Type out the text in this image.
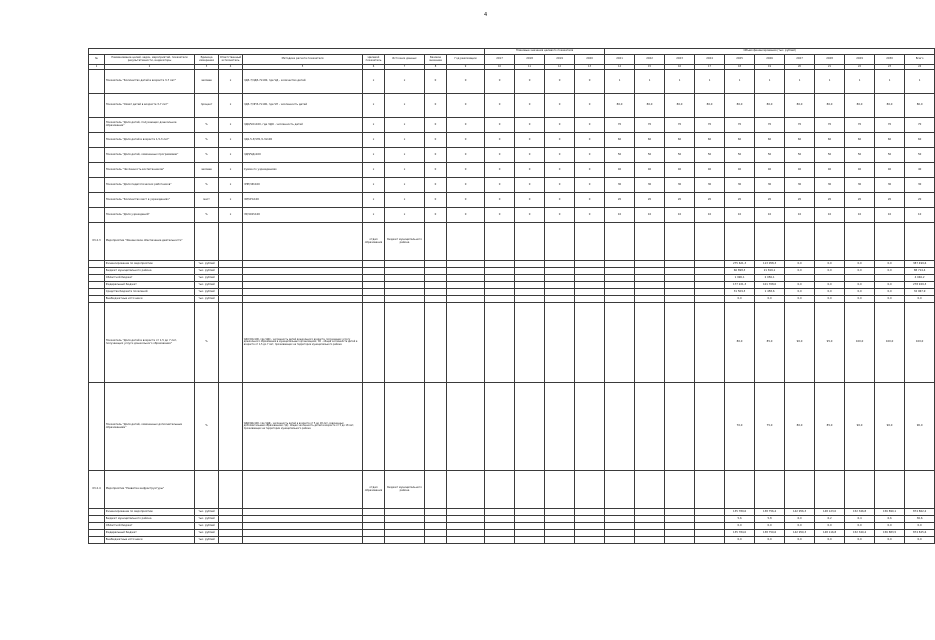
4
									Плановые значения целевого показателя				Объем финансирования (тыс. рублей)										
№	Наименование целей, задач, мероприятий, показатели результативности, индикаторы	Единица измерения	Ответственный исполнитель	Методика расчета показателя	Целевой показатель	Источник данных	Базовое значение	Год реализации	2017	2018	2019	2020	2021	2022	2023	2024	2025	2026	2027	2028	2029	2030	Всего
1	2	3	4	5	6	7	8	9	10	11	12	13	14	15	16	17	18	19	20	21	22	23	24
	Показатель "Количество детей в возрасте 3-7 лет"	человек	х	ЧД3-7/ЧД3-7х100, где ЧД - количество детей	х	х	0	0	0	0	0	0	1	1	1	1	1	1	1	1	1	1	1
	Показатель "Охват детей в возрасте 3-7 лет"	процент	х	ЧД3-7/ЧН3-7х100, где ЧН - численность детей	х	х	0	0	0	0	0	0	80,0	80,0	80,0	80,0	80,0	80,0	80,0	80,0	80,0	80,0	80,0
	Показатель "Доля детей, получающих дошкольное образование"	%	х	ЧДО/ЧОх100, где ЧДО - численность детей	х	х	0	0	0	0	0	0	70	70	70	70	70	70	70	70	70	70	70
	Показатель "Доля детей в возрасте 1,5-3 лет"	%	х	ЧД1,5-3/ЧН1,5-3х100	х	х	0	0	0	0	0	0	60	60	60	60	60	60	60	60	60	60	60
	Показатель "Доля детей, охваченных программами"	%	х	ЧДП/ЧДх100	х	х	0	0	0	0	0	0	50	50	50	50	50	50	50	50	50	50	50
	Показатель "Численность воспитанников"	человек	х	Сумма по учреждениям	х	х	0	0	0	0	0	0	40	40	40	40	40	40	40	40	40	40	40
	Показатель "Доля педагогических работников"	%	х	ЧПР/ЧРх100	х	х	0	0	0	0	0	0	30	30	30	30	30	30	30	30	30	30	30
	Показатель "Количество мест в учреждениях"	мест	х	ЧМ/ЧПх100	х	х	0	0	0	0	0	0	20	20	20	20	20	20	20	20	20	20	20
	Показатель "Доля учреждений"	%	х	ЧУ/ЧОУх100	х	х	0	0	0	0	0	0	10	10	10	10	10	10	10	10	10	10	10
03.2.3	Мероприятие "Финансовое обеспечение деятельности"				отдел образования	бюджет муниципального района																	
	Финансирование по мероприятию	тыс. рублей															275 621,3	113 058,3	0,0	0,0	0,0	0,0	387 499,6
	Бюджет муниципального района	тыс. рублей															66 898,3	21 816,1	0,0	0,0	0,0	0,0	88 714,4
	Областной бюджет	тыс. рублей															1 990,1	2 056,1					4 046,2
	Федеральный бюджет	тыс. рублей															177 221,3	101 708,0	0,0	0,0	0,0	0,0	278 929,3
	Средства бюджета поселений	тыс. рублей															31 509,3	1 458,6	0,0	0,0	0,0	0,0	32 967,9
	Внебюджетные источники	тыс. рублей															0,0	0,0	0,0	0,0	0,0	0,0	0,0
	Показатель "Доля детей в возрасте от 1,5 до 7 лет, получающих услуги дошкольного образования"	%		ЧДО/ЧОх100, где ЧДО - численность детей дошкольного возраста, получающих услугу дошкольного образования в муниципальных организациях; ЧО - общая численность детей в возрасте от 1,5 до 7 лет, проживающих на территории муниципального района													80,0	85,0	90,0	95,0	100,0	100,0	100,0
	Показатель "Доля детей, охваченных дополнительным образованием"	%		ЧДД/ЧДх100, где ЧДД - численность детей в возрасте от 5 до 18 лет, охваченных дополнительным образованием; ЧД - общая численность детей в возрасте от 5 до 18 лет, проживающих на территории муниципального района													70,0	75,0	80,0	85,0	90,0	90,0	90,0
03.2.4	Мероприятие "Развитие инфраструктуры"				отдел образования	бюджет муниципального района																	
	Финансирование по мероприятию	тыс. рублей															135 789,6	138 756,4	142 956,3	148 123,0	152 346,8	156 890,1	874 862,2
	Бюджет муниципального района	тыс. рублей															5,6	5,8	6,0	6,2	6,4	6,6	36,6
	Областной бюджет	тыс. рублей															0,0	0,0	0,0	0,0	0,0	0,0	0,0
	Федеральный бюджет	тыс. рублей															135 784,0	138 750,6	142 950,3	148 116,8	152 340,4	156 883,5	874 825,6
	Внебюджетные источники	тыс. рублей															0,0	0,0	0,0	0,0	0,0	0,0	0,0
